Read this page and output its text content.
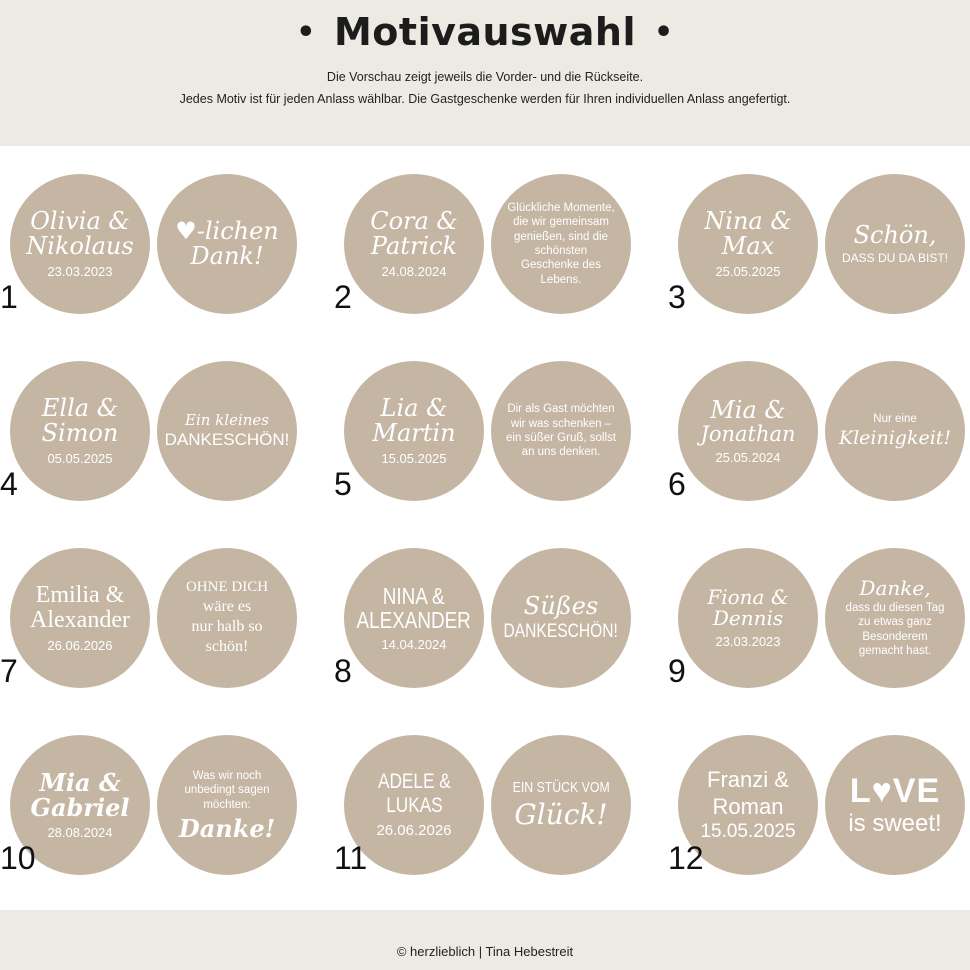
• Motivauswahl •
Die Vorschau zeigt jeweils die Vorder- und die Rückseite.
Jedes Motiv ist für jeden Anlass wählbar. Die Gastgeschenke werden für Ihren individuellen Anlass angefertigt.
Olivia &
Nikolaus
23.03.2023
♥-lichen
Dank!
1
Cora &
Patrick
24.08.2024
Glückliche Momente, die wir gemeinsam genießen, sind die schönsten Geschenke des Lebens.
2
Nina &
Max
25.05.2025
Schön,
DASS DU DA BIST!
3
Ella &
Simon
05.05.2025
Ein kleines
DANKESCHÖN!
4
Lia &
Martin
15.05.2025
Dir als Gast möchten wir was schenken – ein süßer Gruß, sollst an uns denken.
5
Mia &
Jonathan
25.05.2024
Nur eine
Kleinigkeit!
6
Emilia &
Alexander
26.06.2026
OHNE DICH
wäre es
nur halb so
schön!
7
NINA &
ALEXANDER
14.04.2024
Süßes
DANKESCHÖN!
8
Fiona &
Dennis
23.03.2023
Danke,
dass du diesen Tag zu etwas ganz Besonderem gemacht hast.
9
Mia &
Gabriel
28.08.2024
Was wir noch unbedingt sagen möchten:
Danke!
10
ADELE &
LUKAS
26.06.2026
EIN STÜCK VOM
Glück!
11
Franzi &
Roman
15.05.2025
L♥VE
is sweet!
12
© herzlieblich | Tina Hebestreit
